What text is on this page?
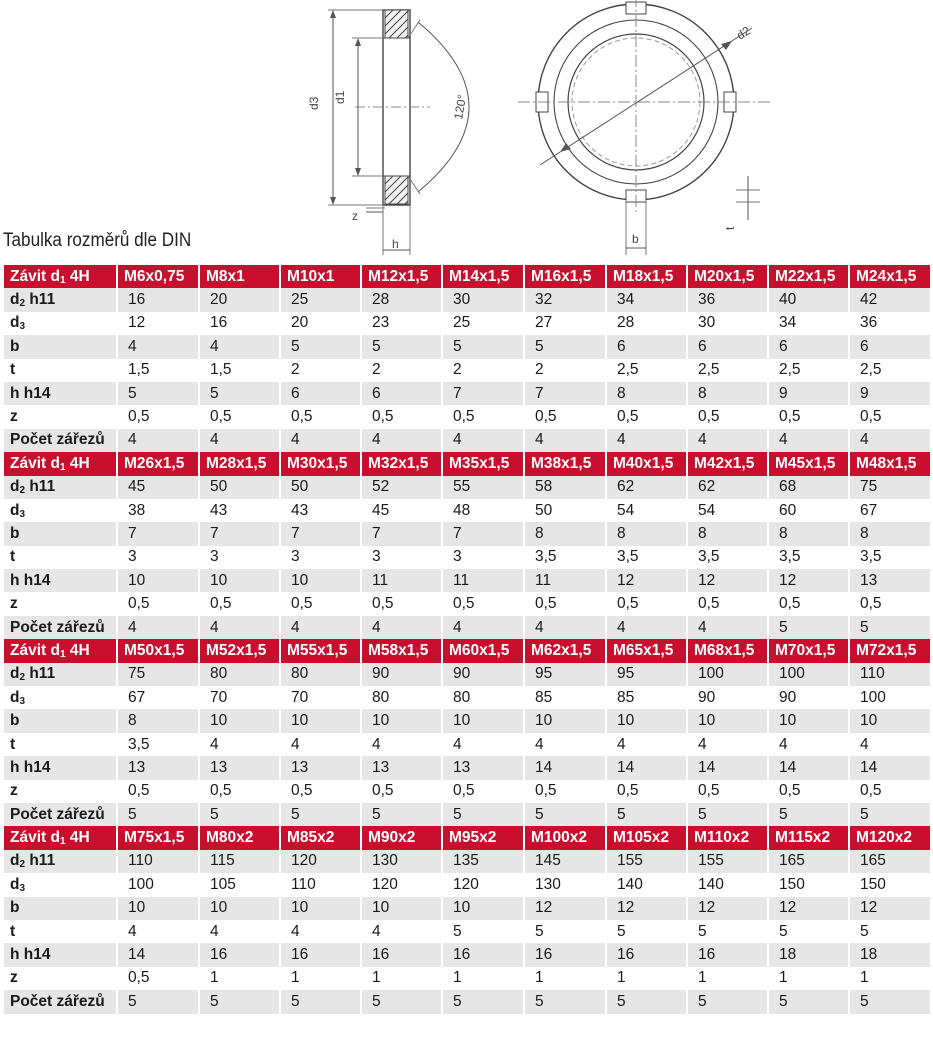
d3 d1	120°
z
h
d2
b
t
Tabulka rozměrů dle DIN
Závit $d_1$ 4H	M6x0,75	M8x1	M10x1	M12x1,5	M14x1,5	M16x1,5	M18x1,5	M20x1,5	M22x1,5	M24x1,5
$d_2$ h11	16	20	25	28	30	32	34	36	40	42
$d_3$	12	16	20	23	25	27	28	30	34	36
b	4	4	5	5	5	5	6	6	6	6
t	1,5	1,5	2	2	2	2	2,5	2,5	2,5	2,5
h h14	5	5	6	6	7	7	8	8	9	9
z	0,5	0,5	0,5	0,5	0,5	0,5	0,5	0,5	0,5	0,5
Počet zářezů	4	4	4	4	4	4	4	4	4	4
Závit $d_1$ 4H	M26x1,5	M28x1,5	M30x1,5	M32x1,5	M35x1,5	M38x1,5	M40x1,5	M42x1,5	M45x1,5	M48x1,5
$d_2$ h11	45	50	50	52	55	58	62	62	68	75
$d_3$	38	43	43	45	48	50	54	54	60	67
b	7	7	7	7	7	8	8	8	8	8
t	3	3	3	3	3	3,5	3,5	3,5	3,5	3,5
h h14	10	10	10	11	11	11	12	12	12	13
z	0,5	0,5	0,5	0,5	0,5	0,5	0,5	0,5	0,5	0,5
Počet zářezů	4	4	4	4	4	4	4	4	5	5
Závit $d_1$ 4H	M50x1,5	M52x1,5	M55x1,5	M58x1,5	M60x1,5	M62x1,5	M65x1,5	M68x1,5	M70x1,5	M72x1,5
$d_2$ h11	75	80	80	90	90	95	95	100	100	110
$d_3$	67	70	70	80	80	85	85	90	90	100
b	8	10	10	10	10	10	10	10	10	10
t	3,5	4	4	4	4	4	4	4	4	4
h h14	13	13	13	13	13	14	14	14	14	14
z	0,5	0,5	0,5	0,5	0,5	0,5	0,5	0,5	0,5	0,5
Počet zářezů	5	5	5	5	5	5	5	5	5	5
Závit $d_1$ 4H	M75x1,5	M80x2	M85x2	M90x2	M95x2	M100x2	M105x2	M110x2	M115x2	M120x2
$d_2$ h11	110	115	120	130	135	145	155	155	165	165
$d_3$	100	105	110	120	120	130	140	140	150	150
b	10	10	10	10	10	12	12	12	12	12
t	4	4	4	4	5	5	5	5	5	5
h h14	14	16	16	16	16	16	16	16	18	18
z	0,5	1	1	1	1	1	1	1	1	1
Počet zářezů	5	5	5	5	5	5	5	5	5	5
